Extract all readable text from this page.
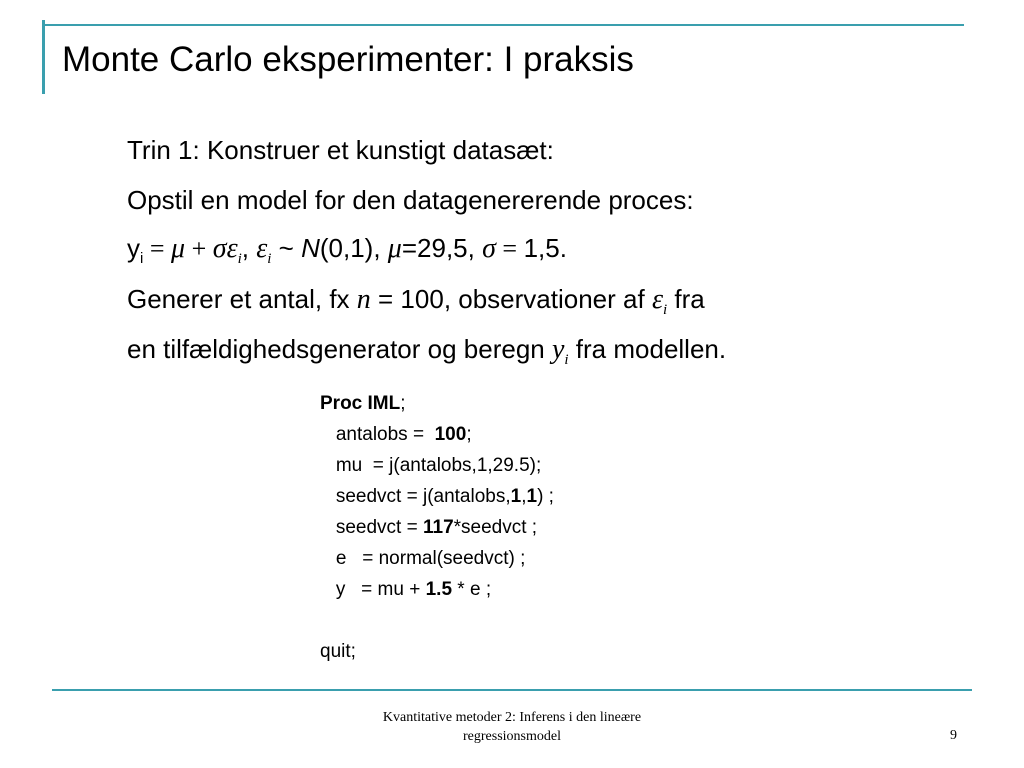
Monte Carlo eksperimenter: I praksis
Trin 1: Konstruer et kunstigt datasæt:
Opstil en model for den datagenererende proces:
$y_i = \mu + \sigma\varepsilon_i$, $\varepsilon_i$ ~ N(0,1), μ=29,5, σ = 1,5.
Generer et antal, fx n = 100, observationer af $\varepsilon_i$ fra
en tilfældighedsgenerator og beregn $y_i$ fra modellen.
Proc IML;
antalobs =  100;
mu  = j(antalobs,1,29.5);
seedvct = j(antalobs,1,1) ;
seedvct = 117*seedvct ;
e   = normal(seedvct) ;
y   = mu + 1.5 * e ;
quit;
Kvantitative metoder 2: Inferens i den lineære
regressionsmodel	9
